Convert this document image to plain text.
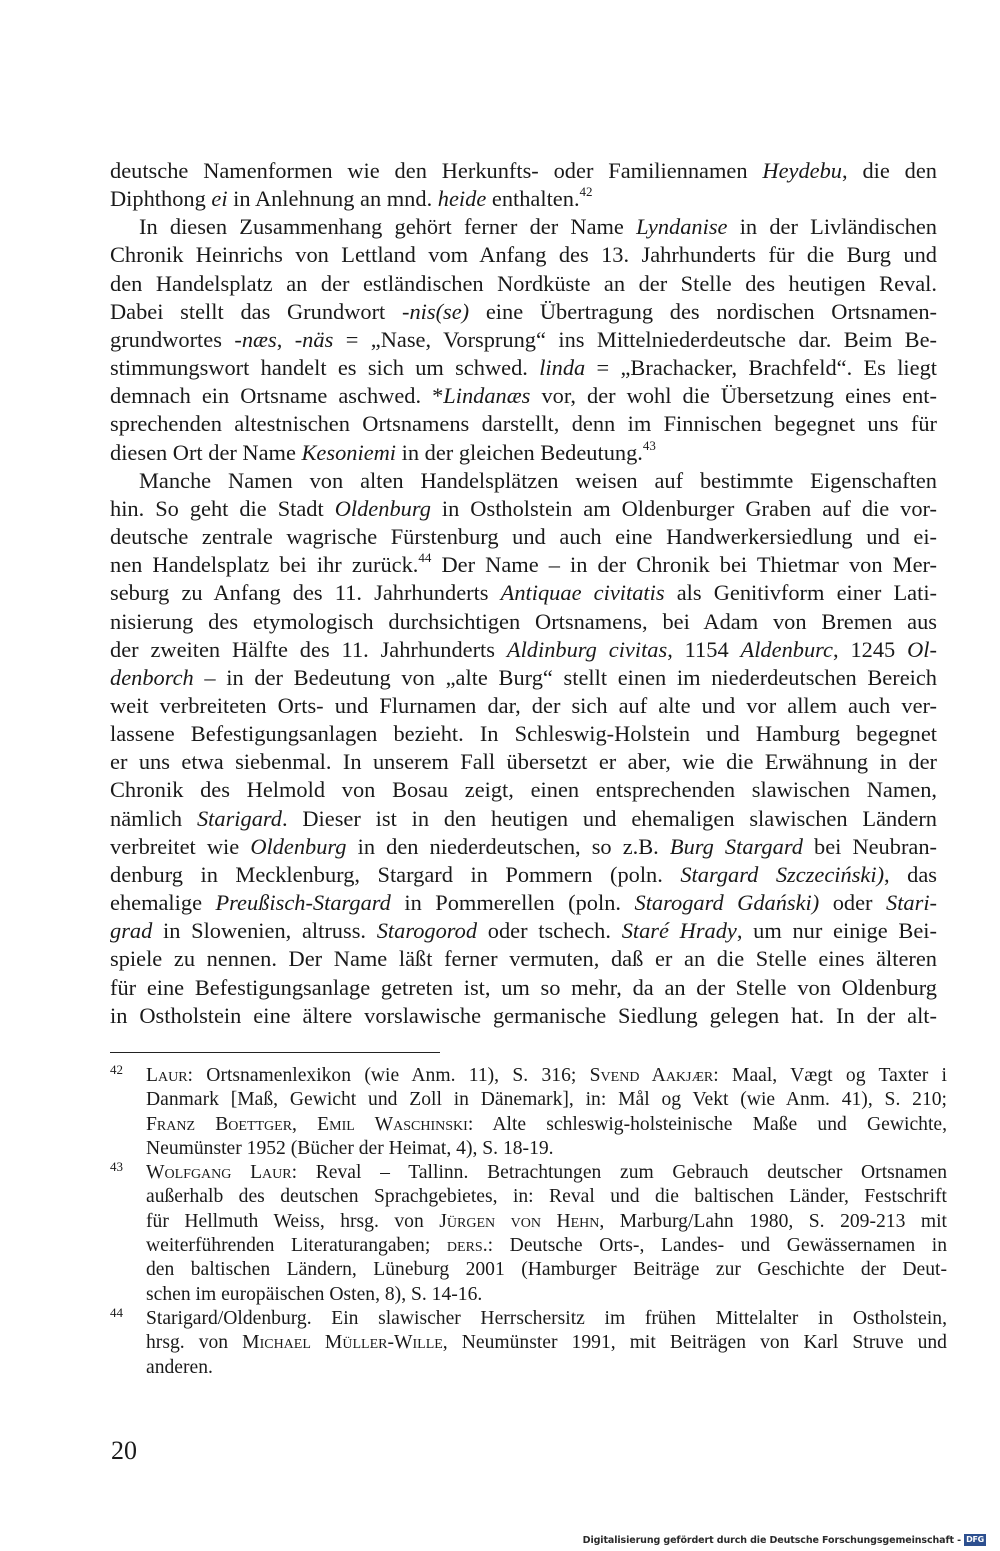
deutsche Namenformen wie den Herkunfts- oder Familiennamen Heydebu, die den
Diphthong ei in Anlehnung an mnd. heide enthalten.$^{42}$
In diesen Zusammenhang gehört ferner der Name Lyndanise in der Livländischen
Chronik Heinrichs von Lettland vom Anfang des 13. Jahrhunderts für die Burg und
den Handelsplatz an der estländischen Nordküste an der Stelle des heutigen Reval.
Dabei stellt das Grundwort -nis(se) eine Übertragung des nordischen Ortsnamen-
grundwortes -næs, -näs = „Nase, Vorsprung“ ins Mittelniederdeutsche dar. Beim Be-
stimmungswort handelt es sich um schwed. linda = „Brachacker, Brachfeld“. Es liegt
demnach ein Ortsname aschwed. *Lindanæs vor, der wohl die Übersetzung eines ent-
sprechenden altestnischen Ortsnamens darstellt, denn im Finnischen begegnet uns für
diesen Ort der Name Kesoniemi in der gleichen Bedeutung.$^{43}$
Manche Namen von alten Handelsplätzen weisen auf bestimmte Eigenschaften
hin. So geht die Stadt Oldenburg in Ostholstein am Oldenburger Graben auf die vor-
deutsche zentrale wagrische Fürstenburg und auch eine Handwerkersiedlung und ei-
nen Handelsplatz bei ihr zurück.$^{44}$ Der Name – in der Chronik bei Thietmar von Mer-
seburg zu Anfang des 11. Jahrhunderts Antiquae civitatis als Genitivform einer Lati-
nisierung des etymologisch durchsichtigen Ortsnamens, bei Adam von Bremen aus
der zweiten Hälfte des 11. Jahrhunderts Aldinburg civitas, 1154 Aldenburc, 1245 Ol-
denborch – in der Bedeutung von „alte Burg“ stellt einen im niederdeutschen Bereich
weit verbreiteten Orts- und Flurnamen dar, der sich auf alte und vor allem auch ver-
lassene Befestigungsanlagen bezieht. In Schleswig-Holstein und Hamburg begegnet
er uns etwa siebenmal. In unserem Fall übersetzt er aber, wie die Erwähnung in der
Chronik des Helmold von Bosau zeigt, einen entsprechenden slawischen Namen,
nämlich Starigard. Dieser ist in den heutigen und ehemaligen slawischen Ländern
verbreitet wie Oldenburg in den niederdeutschen, so z.B. Burg Stargard bei Neubran-
denburg in Mecklenburg, Stargard in Pommern (poln. Stargard Szczeciński), das
ehemalige Preußisch-Stargard in Pommerellen (poln. Starogard Gdański) oder Stari-
grad in Slowenien, altruss. Starogorod oder tschech. Staré Hrady, um nur einige Bei-
spiele zu nennen. Der Name läßt ferner vermuten, daß er an die Stelle eines älteren
für eine Befestigungsanlage getreten ist, um so mehr, da an der Stelle von Oldenburg
in Ostholstein eine ältere vorslawische germanische Siedlung gelegen hat. In der alt-
42 Laur: Ortsnamenlexikon (wie Anm. 11), S. 316; Svend Aakjær: Maal, Vægt og Taxter i
Danmark [Maß, Gewicht und Zoll in Dänemark], in: Mål og Vekt (wie Anm. 41), S. 210;
Franz Boettger, Emil Waschinski: Alte schleswig-holsteinische Maße und Gewichte,
Neumünster 1952 (Bücher der Heimat, 4), S. 18-19.
43 Wolfgang Laur: Reval – Tallinn. Betrachtungen zum Gebrauch deutscher Ortsnamen
außerhalb des deutschen Sprachgebietes, in: Reval und die baltischen Länder, Festschrift
für Hellmuth Weiss, hrsg. von Jürgen von Hehn, Marburg/Lahn 1980, S. 209-213 mit
weiterführenden Literaturangaben; ders.: Deutsche Orts-, Landes- und Gewässernamen in
den baltischen Ländern, Lüneburg 2001 (Hamburger Beiträge zur Geschichte der Deut-
schen im europäischen Osten, 8), S. 14-16.
44 Starigard/Oldenburg. Ein slawischer Herrschersitz im frühen Mittelalter in Ostholstein,
hrsg. von Michael Müller-Wille, Neumünster 1991, mit Beiträgen von Karl Struve und
anderen.
20
Digitalisierung gefördert durch die Deutsche Forschungsgemeinschaft - DFG
